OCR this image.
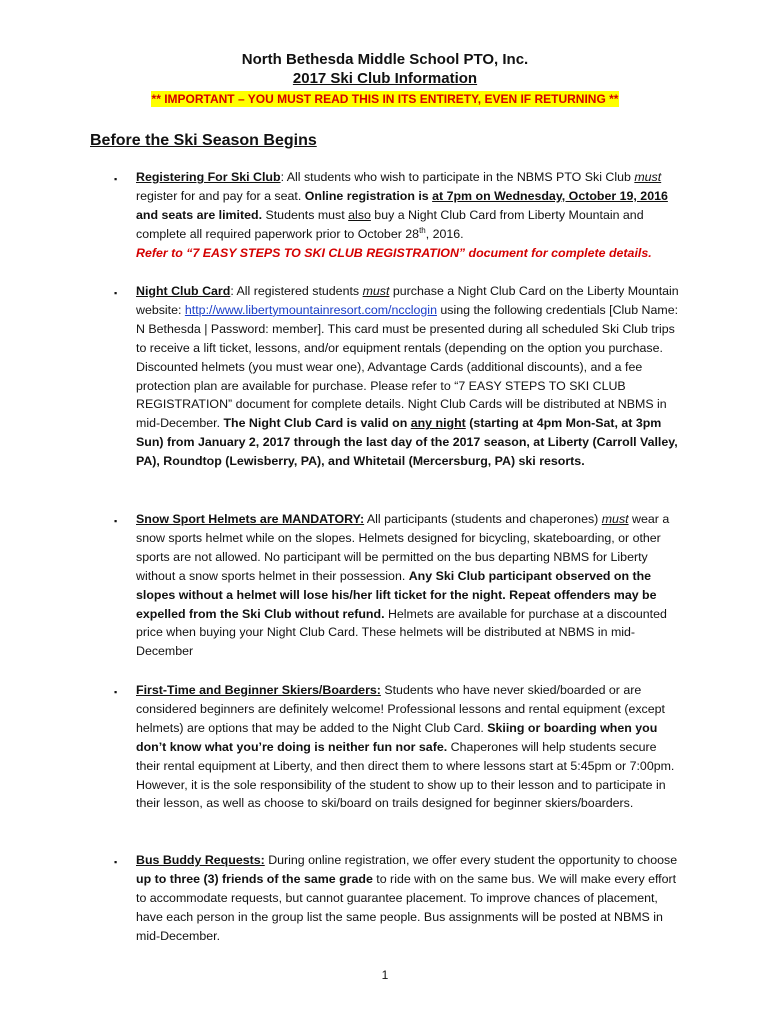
North Bethesda Middle School PTO, Inc.
2017 Ski Club Information
** IMPORTANT – YOU MUST READ THIS IN ITS ENTIRETY, EVEN IF RETURNING **
Before the Ski Season Begins
▪ Registering For Ski Club: All students who wish to participate in the NBMS PTO Ski Club must register for and pay for a seat. Online registration is at 7pm on Wednesday, October 19, 2016 and seats are limited. Students must also buy a Night Club Card from Liberty Mountain and complete all required paperwork prior to October 28th, 2016.
Refer to “7 EASY STEPS TO SKI CLUB REGISTRATION” document for complete details.
▪ Night Club Card: All registered students must purchase a Night Club Card on the Liberty Mountain website: http://www.libertymountainresort.com/ncclogin using the following credentials [Club Name: N Bethesda | Password: member]. This card must be presented during all scheduled Ski Club trips to receive a lift ticket, lessons, and/or equipment rentals (depending on the option you purchase. Discounted helmets (you must wear one), Advantage Cards (additional discounts), and a fee protection plan are available for purchase. Please refer to “7 EASY STEPS TO SKI CLUB REGISTRATION” document for complete details. Night Club Cards will be distributed at NBMS in mid-December. The Night Club Card is valid on any night (starting at 4pm Mon-Sat, at 3pm Sun) from January 2, 2017 through the last day of the 2017 season, at Liberty (Carroll Valley, PA), Roundtop (Lewisberry, PA), and Whitetail (Mercersburg, PA) ski resorts.
▪ Snow Sport Helmets are MANDATORY: All participants (students and chaperones) must wear a snow sports helmet while on the slopes. Helmets designed for bicycling, skateboarding, or other sports are not allowed. No participant will be permitted on the bus departing NBMS for Liberty without a snow sports helmet in their possession. Any Ski Club participant observed on the slopes without a helmet will lose his/her lift ticket for the night. Repeat offenders may be expelled from the Ski Club without refund. Helmets are available for purchase at a discounted price when buying your Night Club Card. These helmets will be distributed at NBMS in mid-December
▪ First-Time and Beginner Skiers/Boarders: Students who have never skied/boarded or are considered beginners are definitely welcome! Professional lessons and rental equipment (except helmets) are options that may be added to the Night Club Card. Skiing or boarding when you don’t know what you’re doing is neither fun nor safe. Chaperones will help students secure their rental equipment at Liberty, and then direct them to where lessons start at 5:45pm or 7:00pm. However, it is the sole responsibility of the student to show up to their lesson and to participate in their lesson, as well as choose to ski/board on trails designed for beginner skiers/boarders.
▪ Bus Buddy Requests: During online registration, we offer every student the opportunity to choose up to three (3) friends of the same grade to ride with on the same bus. We will make every effort to accommodate requests, but cannot guarantee placement. To improve chances of placement, have each person in the group list the same people. Bus assignments will be posted at NBMS in mid-December.
1
